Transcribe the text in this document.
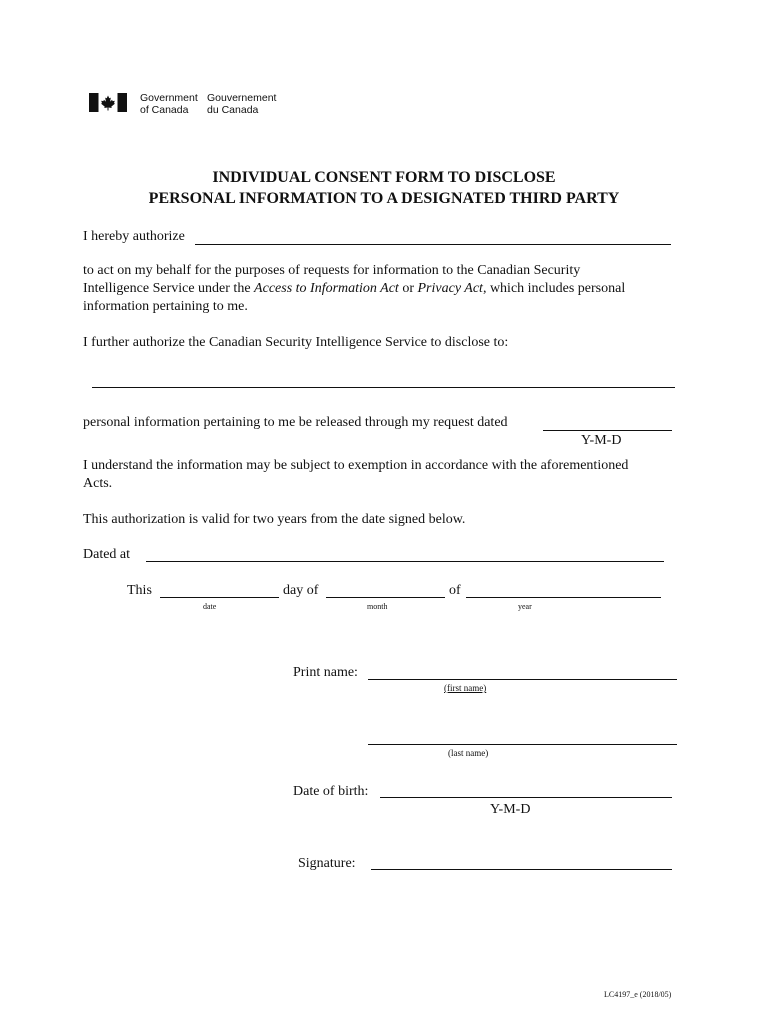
Government
of Canada
Gouvernement
du Canada
INDIVIDUAL CONSENT FORM TO DISCLOSE
PERSONAL INFORMATION TO A DESIGNATED THIRD PARTY
I hereby authorize
to act on my behalf for the purposes of requests for information to the Canadian Security
Intelligence Service under the Access to Information Act or Privacy Act, which includes personal
information pertaining to me.
I further authorize the Canadian Security Intelligence Service to disclose to:
personal information pertaining to me be released through my request dated
Y-M-D
I understand the information may be subject to exemption in accordance with the aforementioned
Acts.
This authorization is valid for two years from the date signed below.
Dated at
This	day of	of
date	month	year
Print name:
(first name)
(last name)
Date of birth:
Y-M-D
Signature:
LC4197_e (2018/05)
